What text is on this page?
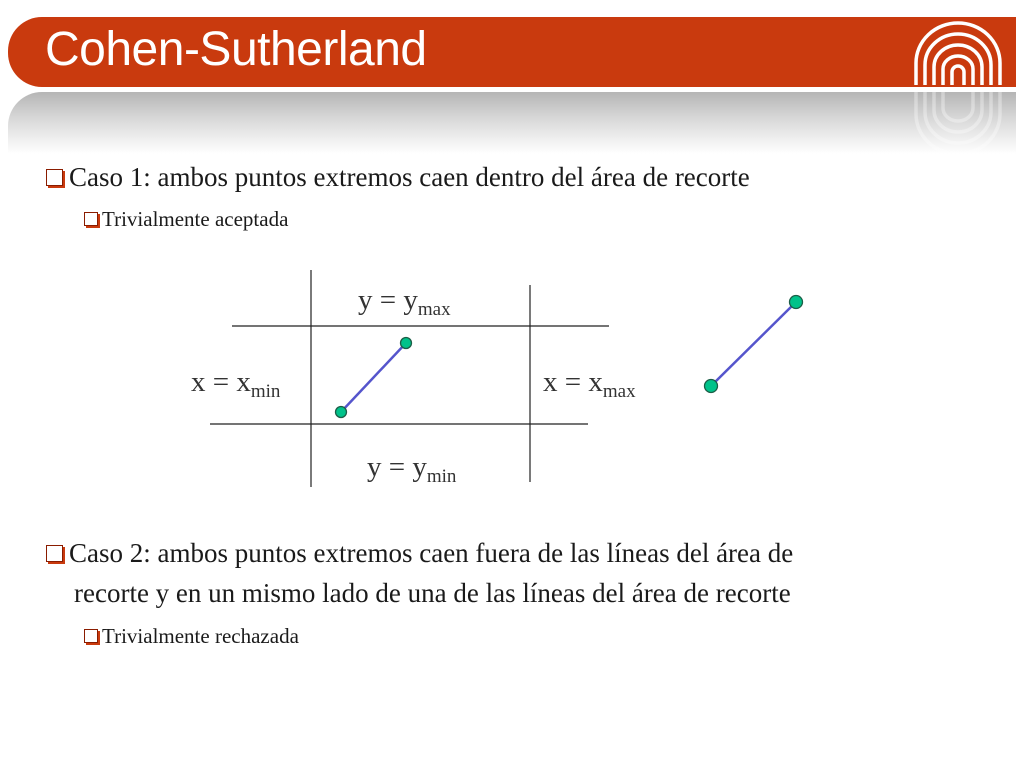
Cohen-Sutherland
Caso 1: ambos puntos extremos caen dentro del área de recorte
Trivialmente aceptada
$y = y_{max}$
$x = x_{min}$	$x = x_{max}$
$y = y_{min}$
Caso 2: ambos puntos extremos caen fuera de las líneas del área de
recorte y en un mismo lado de una de las líneas del área de recorte
Trivialmente rechazada
